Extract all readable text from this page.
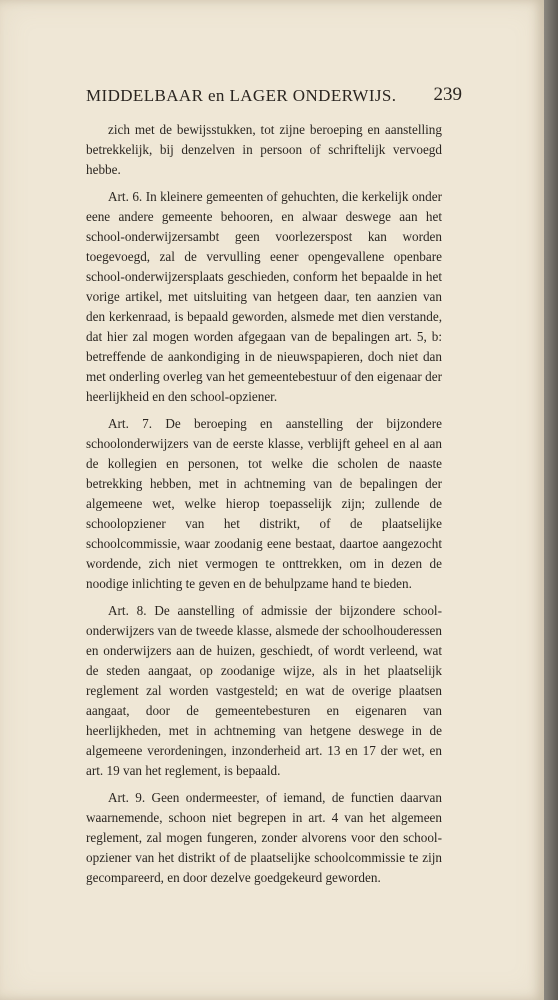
MIDDELBAAR en LAGER ONDERWIJS. 239

zich met de bewijsstukken, tot zijne beroeping en aanstelling betrekkelijk, bij denzelven in persoon of schriftelijk vervoegd hebbe.

Art. 6. In kleinere gemeenten of gehuchten, die kerkelijk onder eene andere gemeente behooren, en alwaar deswege aan het school-onderwijzersambt geen voorlezerspost kan worden toegevoegd, zal de vervulling eener opengevallene openbare school-onderwijzersplaats geschieden, conform het bepaalde in het vorige artikel, met uitsluiting van hetgeen daar, ten aanzien van den kerkenraad, is bepaald geworden, alsmede met dien verstande, dat hier zal mogen worden afgegaan van de bepalingen art. 5, b: betreffende de aankondiging in de nieuwspapieren, doch niet dan met onderling overleg van het gemeentebestuur of den eigenaar der heerlijkheid en den school-opziener.

Art. 7. De beroeping en aanstelling der bijzondere schoolonderwijzers van de eerste klasse, verblijft geheel en al aan de kollegien en personen, tot welke die scholen de naaste betrekking hebben, met in achtneming van de bepalingen der algemeene wet, welke hierop toepasselijk zijn; zullende de schoolopziener van het distrikt, of de plaatselijke schoolcommissie, waar zoodanig eene bestaat, daartoe aangezocht wordende, zich niet vermogen te onttrekken, om in dezen de noodige inlichting te geven en de behulpzame hand te bieden.

Art. 8. De aanstelling of admissie der bijzondere school-onderwijzers van de tweede klasse, alsmede der schoolhouderessen en onderwijzers aan de huizen, geschiedt, of wordt verleend, wat de steden aangaat, op zoodanige wijze, als in het plaatselijk reglement zal worden vastgesteld; en wat de overige plaatsen aangaat, door de gemeentebesturen en eigenaren van heerlijkheden, met in achtneming van hetgene deswege in de algemeene verordeningen, inzonderheid art. 13 en 17 der wet, en art. 19 van het reglement, is bepaald.

Art. 9. Geen ondermeester, of iemand, de functien daarvan waarnemende, schoon niet begrepen in art. 4 van het algemeen reglement, zal mogen fungeren, zonder alvorens voor den school-opziener van het distrikt of de plaatselijke schoolcommissie te zijn gecompareerd, en door dezelve goedgekeurd geworden.
